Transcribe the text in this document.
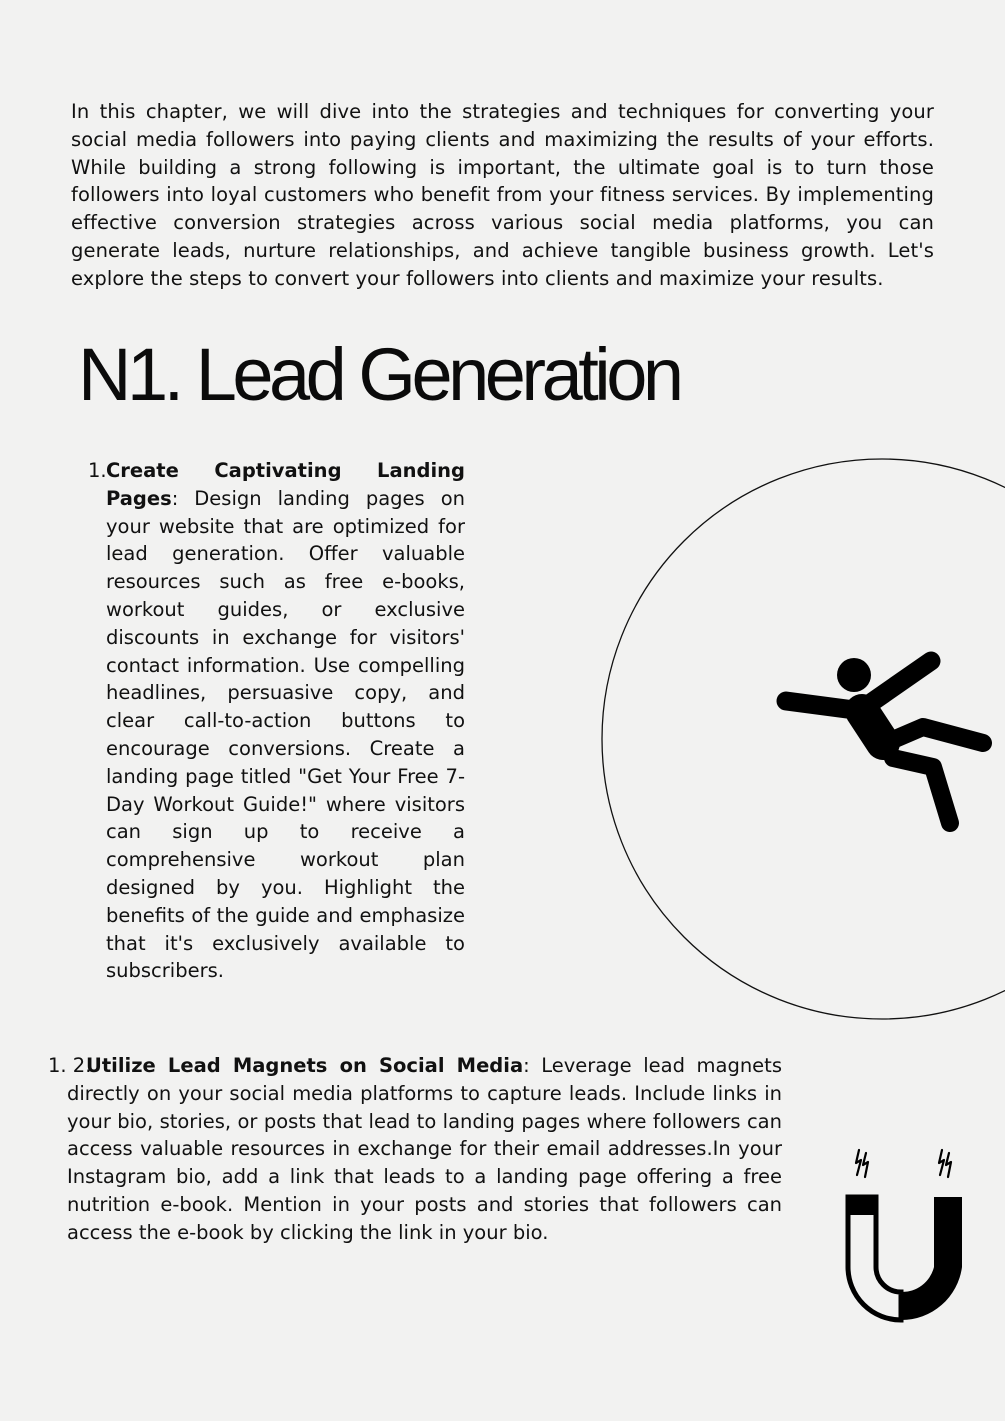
In this chapter, we will dive into the strategies and techniques for converting your social media followers into paying clients and maximizing the results of your efforts. While building a strong following is important, the ultimate goal is to turn those followers into loyal customers who benefit from your fitness services. By implementing effective conversion strategies across various social media platforms, you can generate leads, nurture relationships, and achieve tangible business growth. Let's explore the steps to convert your followers into clients and maximize your results.

N1. Lead Generation
1. Create Captivating Landing Pages: Design landing pages on your website that are optimized for lead generation. Offer valuable resources such as free e-books, workout guides, or exclusive discounts in exchange for visitors' contact information. Use compelling headlines, persuasive copy, and clear call-to-action buttons to encourage conversions. Create a landing page titled "Get Your Free 7-Day Workout Guide!" where visitors can sign up to receive a comprehensive workout plan designed by you. Highlight the benefits of the guide and emphasize that it's exclusively available to subscribers.
1. 2.
Utilize Lead Magnets on Social Media: Leverage lead magnets directly on your social media platforms to capture leads. Include links in your bio, stories, or posts that lead to landing pages where followers can access valuable resources in exchange for their email addresses.In your Instagram bio, add a link that leads to a landing page offering a free nutrition e-book. Mention in your posts and stories that followers can access the e-book by clicking the link in your bio.
